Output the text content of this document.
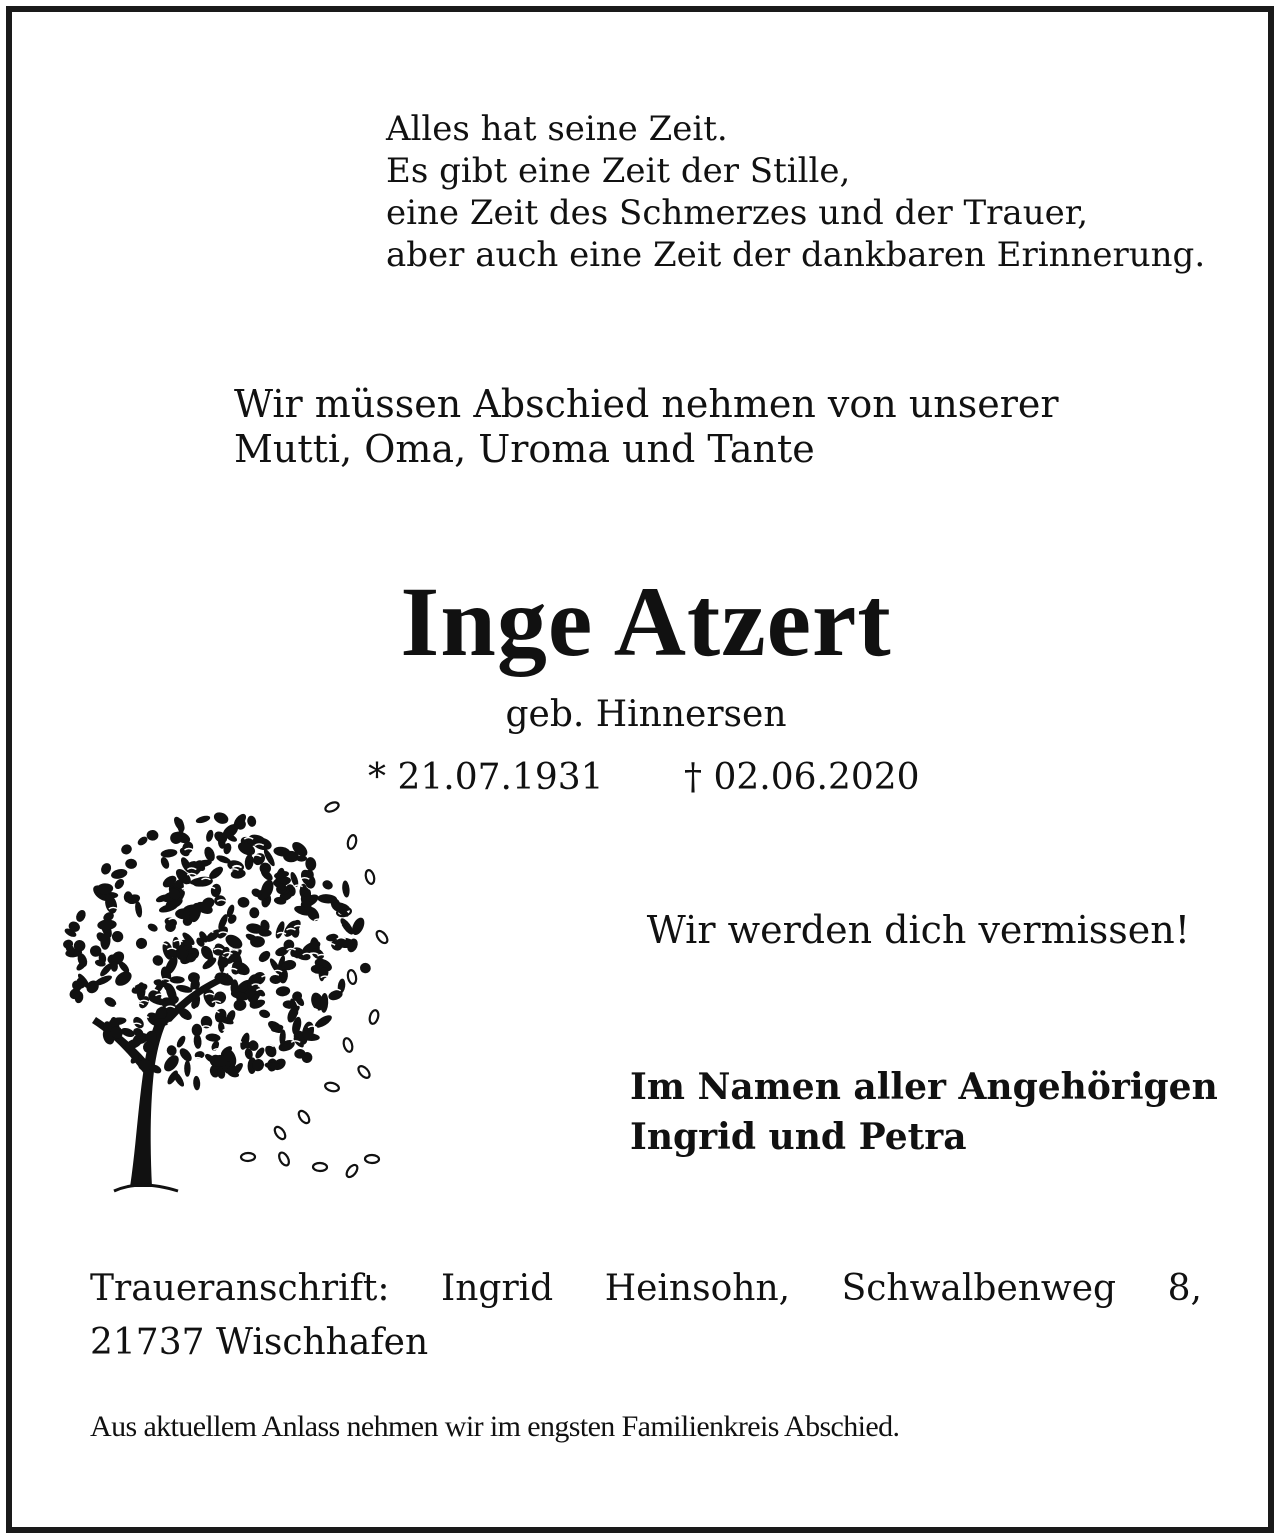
Alles hat seine Zeit.
Es gibt eine Zeit der Stille,
eine Zeit des Schmerzes und der Trauer,
aber auch eine Zeit der dankbaren Erinnerung.
Wir müssen Abschied nehmen von unserer
Mutti, Oma, Uroma und Tante
Inge Atzert
geb. Hinnersen
* 21.07.1931 † 02.06.2020
Wir werden dich vermissen!
Im Namen aller Angehörigen
Ingrid und Petra
Traueranschrift: Ingrid Heinsohn, Schwalbenweg 8,
21737 Wischhafen
Aus aktuellem Anlass nehmen wir im engsten Familienkreis Abschied.
